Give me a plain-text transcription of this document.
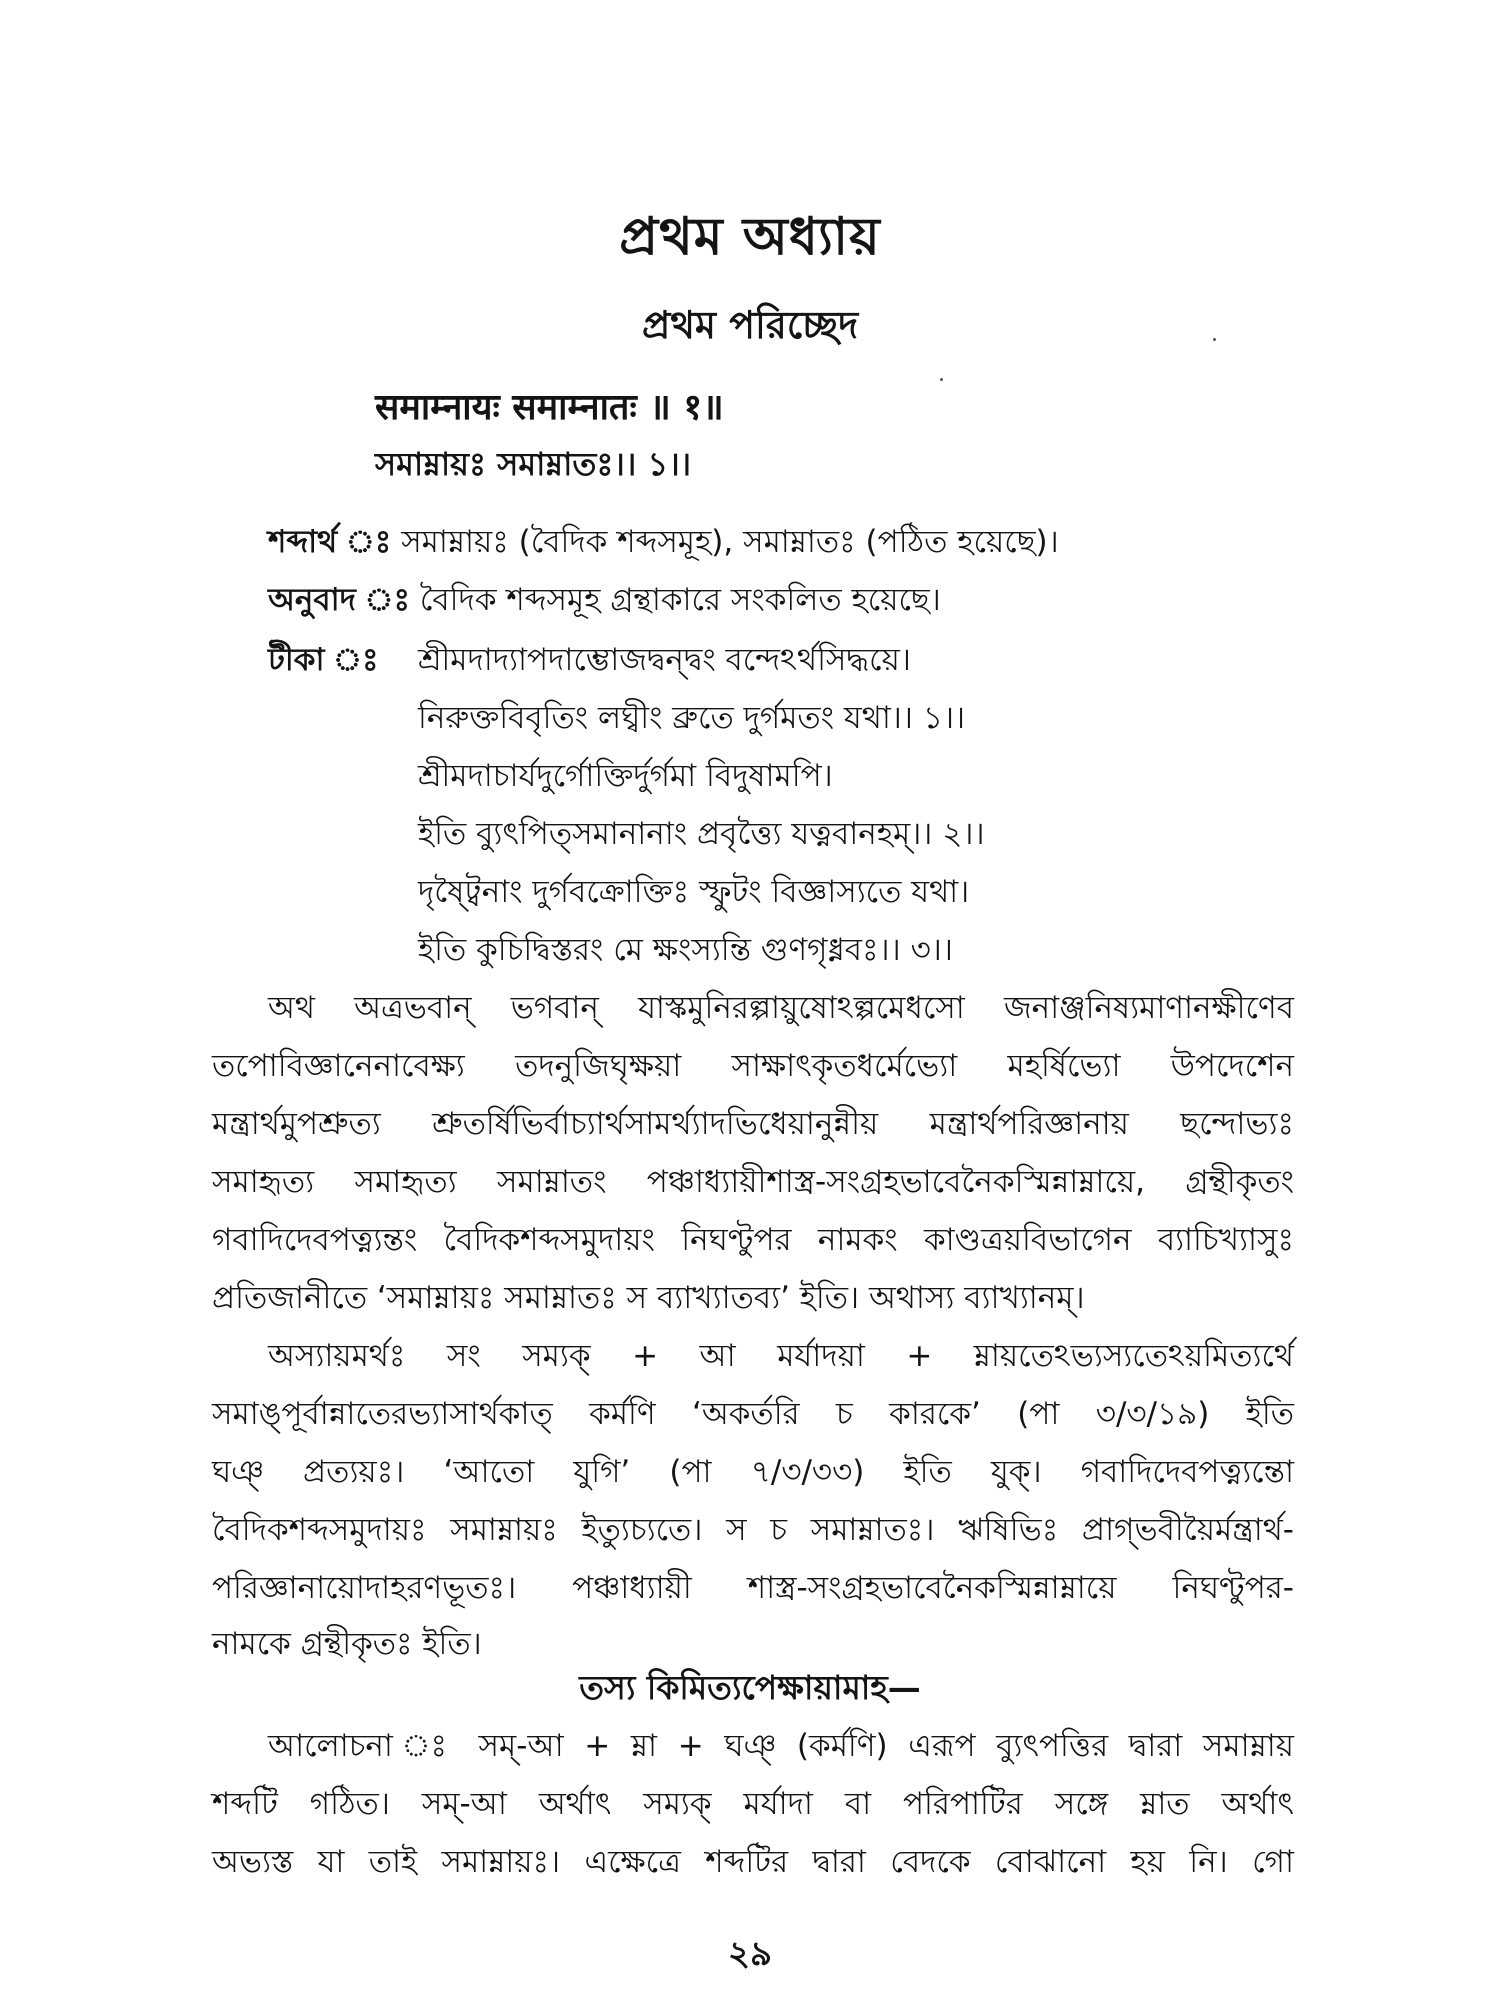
প্রথম অধ্যায়
প্রথম পরিচ্ছেদ
समाम्नायः समाम्नातः ॥ १॥
সমাম্নায়ঃ সমাম্নাতঃ।। ১।।
শব্দার্থ ঃ সমাম্নায়ঃ (বৈদিক শব্দসমূহ), সমাম্নাতঃ (পঠিত হয়েছে)।
অনুবাদ ঃ বৈদিক শব্দসমূহ গ্রন্থাকারে সংকলিত হয়েছে।
টীকা ঃ শ্রীমদাদ্যাপদাম্ভোজদ্বন্দ্বং বন্দেঽর্থসিদ্ধয়ে।
নিরুক্তবিবৃতিং লঘ্বীং ব্রুতে দুর্গমতং যথা।। ১।।
শ্রীমদাচার্যদুর্গোক্তির্দুর্গমা বিদুষামপি।
ইতি ব্যুৎপিত্সমানানাং প্রবৃত্ত্যৈ যত্নবানহম্।। ২।।
দৃষ্ট্বৈনাং দুর্গবক্রোক্তিঃ স্ফুটং বিজ্ঞাস্যতে যথা।
ইতি কুচিদ্বিস্তরং মে ক্ষংস্যন্তি গুণগৃধ্নবঃ।। ৩।।
অথ অত্রভবান্ ভগবান্ যাস্কমুনিরল্পায়ুষোঽল্পমেধসো জনাঞ্জনিষ্যমাণানক্ষীণেব
তপোবিজ্ঞানেনাবেক্ষ্য তদনুজিঘৃক্ষয়া সাক্ষাৎকৃতধর্মেভ্যো মহর্ষিভ্যো উপদেশেন
মন্ত্রার্থমুপশ্রুত্য শ্রুতর্ষিভির্বাচ্যার্থসামর্থ্যাদভিধেয়ানুন্নীয় মন্ত্রার্থপরিজ্ঞানায় ছন্দোভ্যঃ
সমাহৃত্য সমাহৃত্য সমাম্নাতং পঞ্চাধ্যায়ীশাস্ত্র-সংগ্রহভাবেনৈকস্মিন্নাম্নায়ে, গ্রন্থীকৃতং
গবাদিদেবপত্ন্যন্তং বৈদিকশব্দসমুদায়ং নিঘণ্টুপর নামকং কাণ্ডত্রয়বিভাগেন ব্যাচিখ্যাসুঃ
প্রতিজানীতে ‘সমাম্নায়ঃ সমাম্নাতঃ স ব্যাখ্যাতব্য’ ইতি। অথাস্য ব্যাখ্যানম্।
অস্যায়মর্থঃ সং সম্যক্ + আ মর্যাদয়া + ম্নায়তেঽভ্যস্যতেঽয়মিত্যর্থে
সমাঙ্পূর্বান্নাতেরভ্যাসার্থকাত্ কর্মণি ‘অকর্তরি চ কারকে’ (পা ৩/৩/১৯) ইতি
ঘঞ্ প্রত্যয়ঃ। ‘আতো যুগি’ (পা ৭/৩/৩৩) ইতি যুক্। গবাদিদেবপত্ন্যন্তো
বৈদিকশব্দসমুদায়ঃ সমাম্নায়ঃ ইত্যুচ্যতে। স চ সমাম্নাতঃ। ঋষিভিঃ প্রাগ্ভবীয়ৈর্মন্ত্রার্থ-
পরিজ্ঞানায়োদাহরণভূতঃ। পঞ্চাধ্যায়ী শাস্ত্র-সংগ্রহভাবেনৈকস্মিন্নাম্নায়ে নিঘণ্টুপর-
নামকে গ্রন্থীকৃতঃ ইতি।
তস্য কিমিত্যপেক্ষায়ামাহ—
আলোচনা ঃ সম্-আ + ম্না + ঘঞ্ (কর্মণি) এরূপ ব্যুৎপত্তির দ্বারা সমাম্নায়
শব্দটি গঠিত। সম্-আ অর্থাৎ সম্যক্ মর্যাদা বা পরিপাটির সঙ্গে ম্নাত অর্থাৎ
অভ্যস্ত যা তাই সমাম্নায়ঃ। এক্ষেত্রে শব্দটির দ্বারা বেদকে বোঝানো হয় নি। গো
২৯
